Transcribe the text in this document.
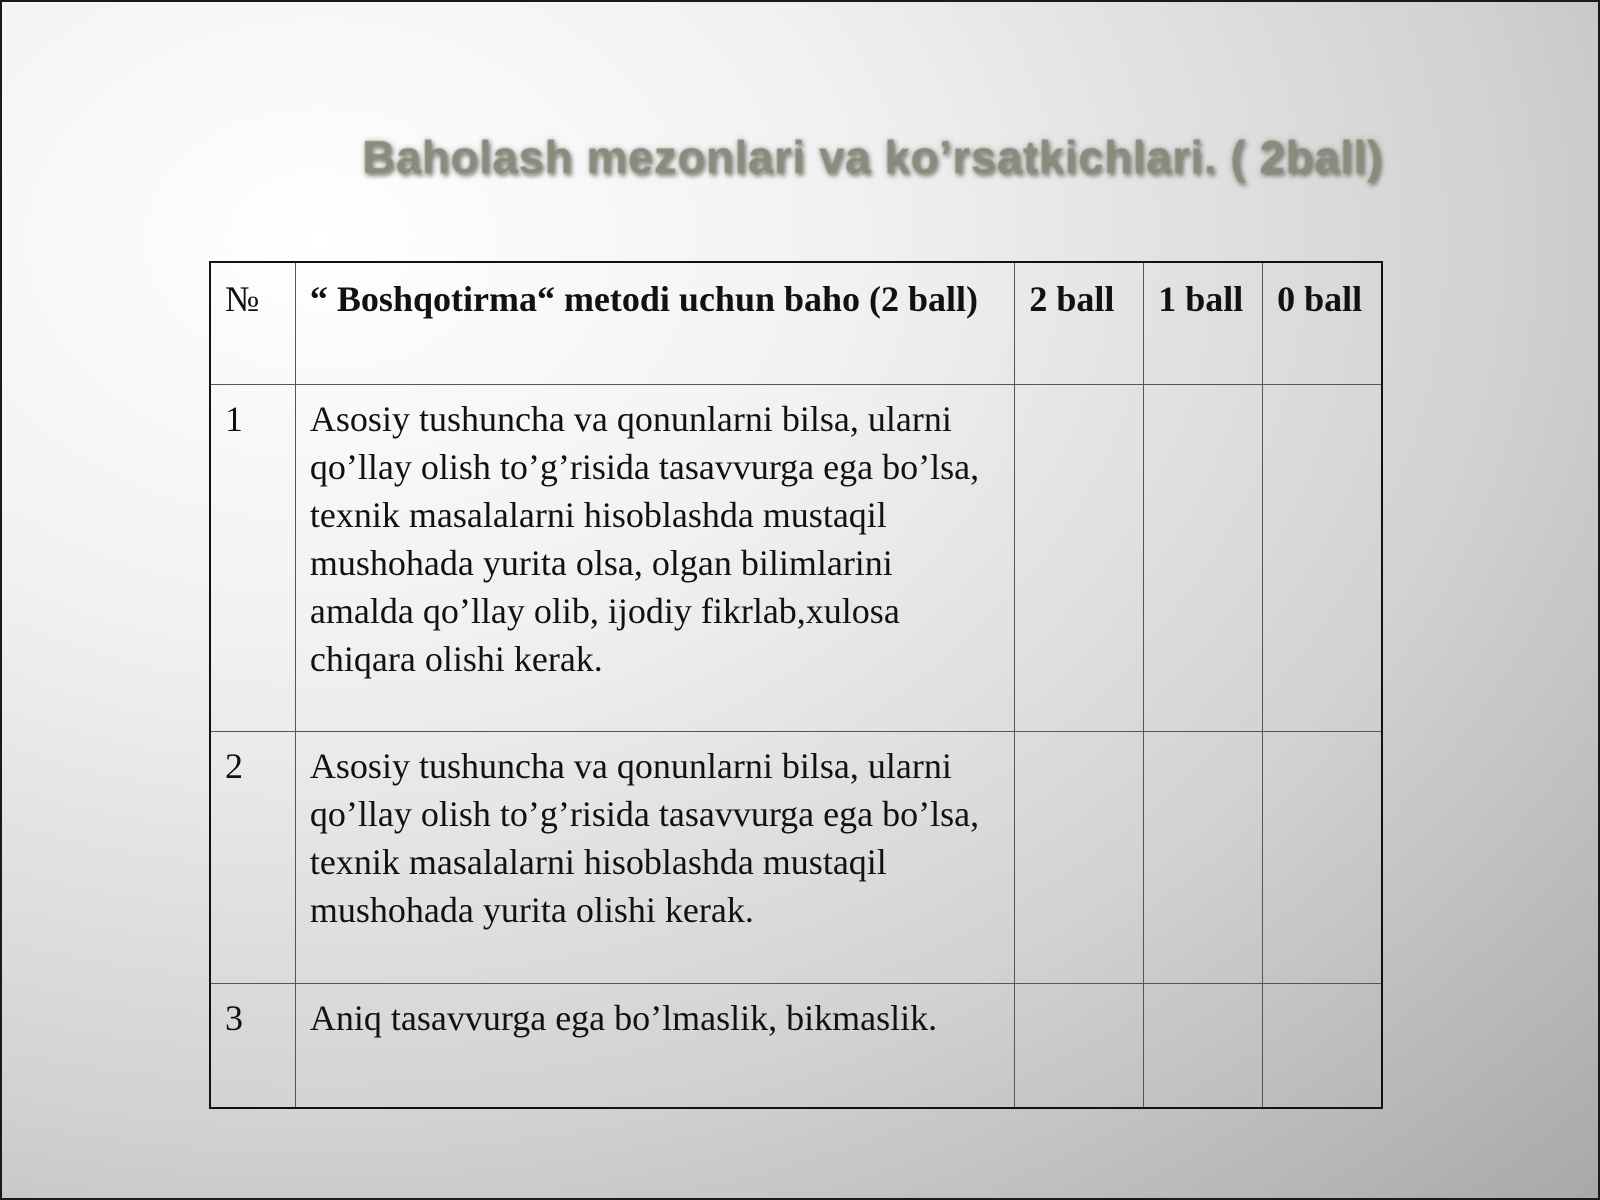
Baholash mezonlari va ko’rsatkichlari. ( 2ball)
№	“ Boshqotirma“ metodi uchun baho (2 ball)	2 ball	1 ball	0 ball
1	Asosiy tushuncha va qonunlarni bilsa, ularni qo’llay olish to’g’risida tasavvurga ega bo’lsa, texnik masalalarni hisoblashda mustaqil mushohada yurita olsa, olgan bilimlarini amalda qo’llay olib, ijodiy fikrlab,xulosa chiqara olishi kerak.			
2	Asosiy tushuncha va qonunlarni bilsa, ularni qo’llay olish to’g’risida tasavvurga ega bo’lsa, texnik masalalarni hisoblashda mustaqil mushohada yurita olishi kerak.			
3	Aniq tasavvurga ega bo’lmaslik, bikmaslik.			
